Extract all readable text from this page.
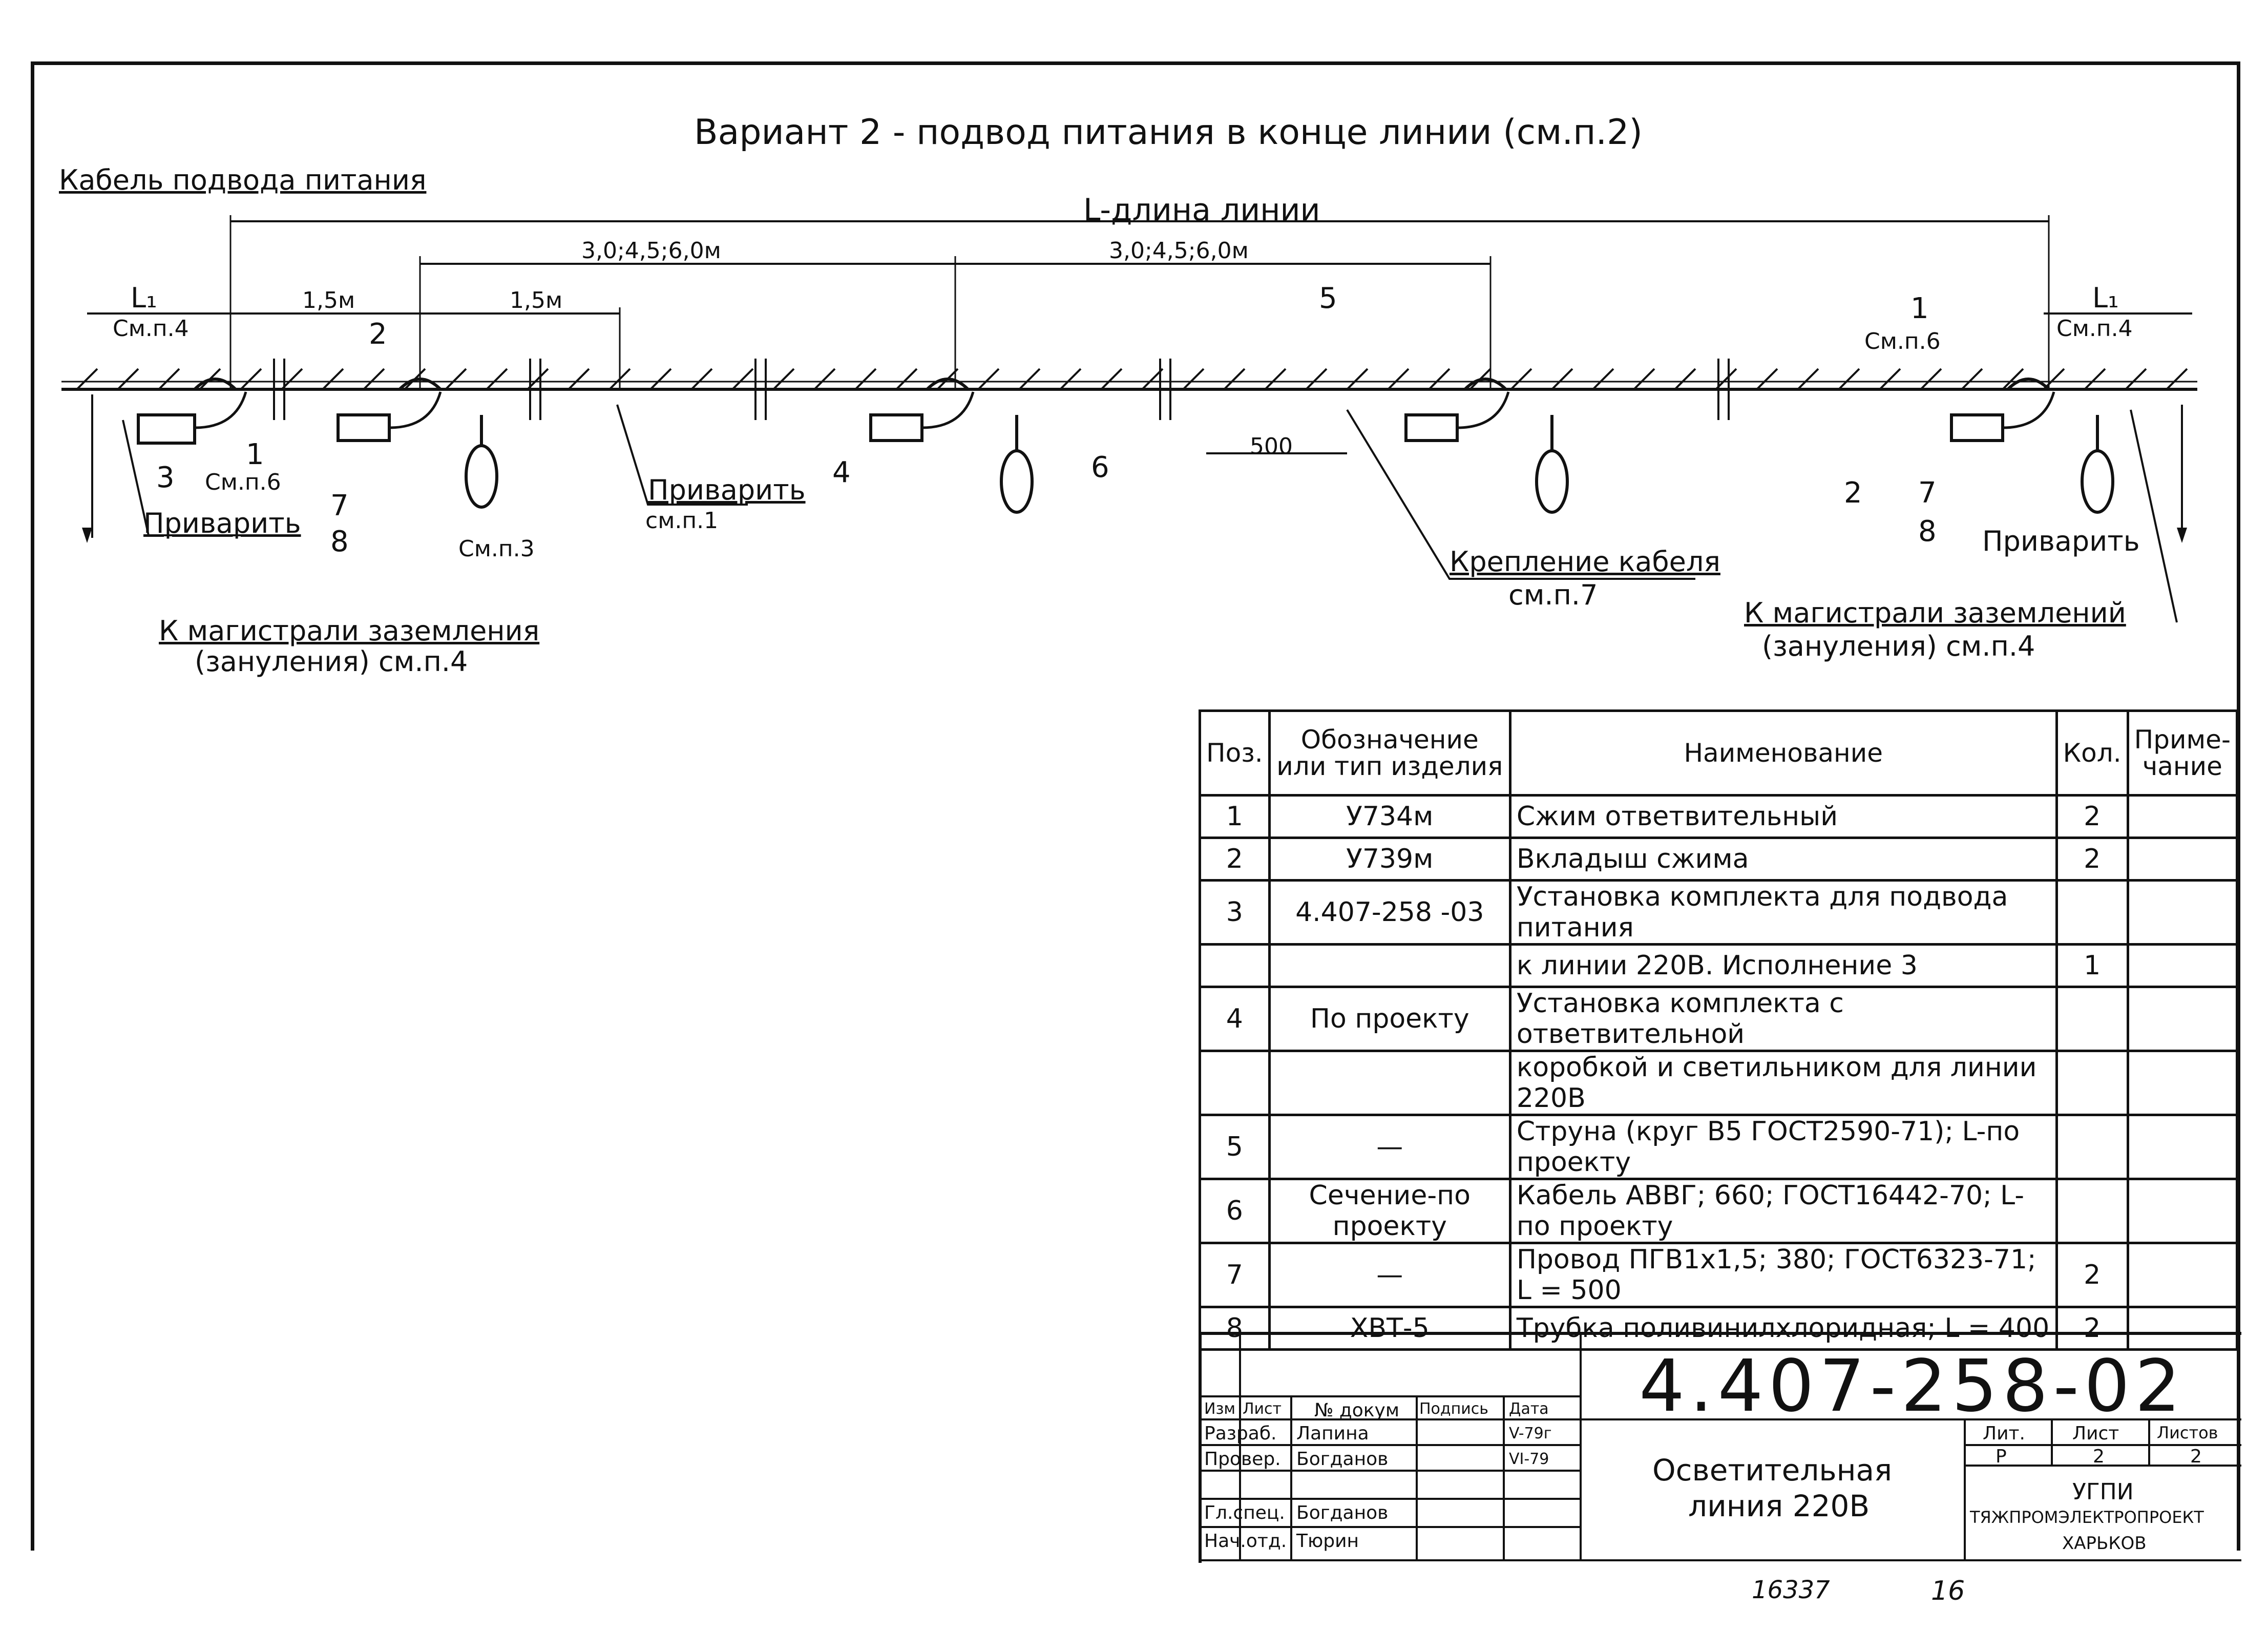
Вариант 2 - подвод питания в конце линии (см.п.2)
Кабель подвода питания
L-длина линии
3,0;4,5;6,0м	3,0;4,5;6,0м
L₁
См.п.4
1,5м	1,5м	L₁
См.п.4
5	1
См.п.6
2
1
См.п.6
3
Приварить
7
8	См.п.3
Приварить
см.п.1
4	6
500
Крепление кабеля
см.п.7
2 7
8 Приварить
К магистрали заземления
(зануления) см.п.4
К магистрали заземлений
(зануления) см.п.4
Поз.	Обозначение или тип изделия	Наименование	Кол.	Приме-чание
1	У734м	Сжим ответвительный	2	
2	У739м	Вкладыш сжима	2	
3	4.407-258 -03	Установка комплекта для подвода питания		
		к линии 220В. Исполнение 3	1	
4	По проекту	Установка комплекта с ответвительной		
		коробкой и светильником для линии 220В		
5	—	Струна (круг В5 ГОСТ2590-71); L-по проекту		
6	Сечение-по проекту	Кабель АВВГ; 660; ГОСТ16442-70; L- по проекту		
7	—	Провод ПГВ1х1,5; 380; ГОСТ6323-71; L = 500	2	
8	ХВТ-5	Трубка поливинилхлоридная; L = 400	2	
Изм Лист № докум Подпись Дата
Разраб. Лапина	V-79г
Провер. Богданов	VI-79
Гл.спец. Богданов
Нач.отд. Тюрин
Осветительная
линия 220В
Лит.	Лист Листов
Р	2	2
УГПИ
ТЯЖПРОМЭЛЕКТРОПРОЕКТ
ХАРЬКОВ
4.407-258-02
16337	16
